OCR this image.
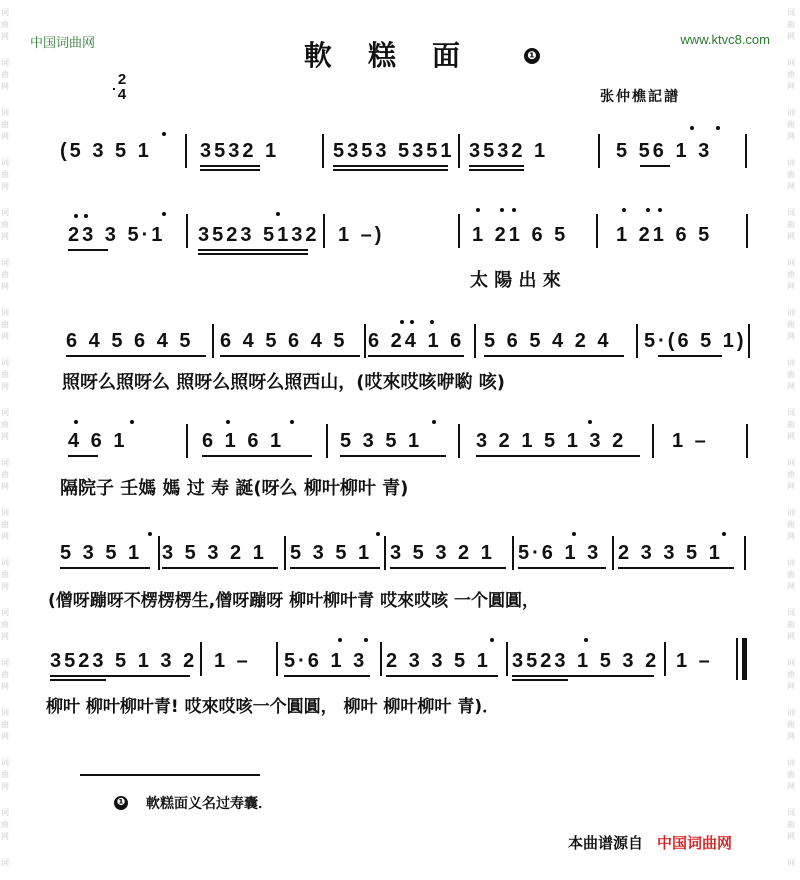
词
曲
网
词
曲
网
词
曲
网
词
曲
网
词
曲
网
词
曲
网
词
曲
网
词
曲
网
词
曲
网
词
曲
网
词
曲
网
词
曲
网
词
曲
网
词
曲
网
词
曲
网
词
曲
网
词
曲
网
词
词
曲
网
词
曲
网
词
曲
网
词
曲
网
词
曲
网
词
曲
网
词
曲
网
词
曲
网
词
曲
网
词
曲
网
词
曲
网
词
曲
网
词
曲
网
词
曲
网
词
曲
网
词
曲
网
词
曲
网
词
中国词曲网	www.ktvc8.com
軟糕面	❶
2
4	张仲樵記譜
(5 3 5 1 3532 1	5353 5351 3532 1	5 56 1 3
23 3 5·1 3523 5132 1 –)	1 21 6 5 1 21 6 5
太 陽 出 來
6 4 5 6 4 5 6 4 5 6 4 5 6 24 1 6 5 6 5 4 2 4 5·(6 5 1)
照呀么照呀么 照呀么照呀么照西山，(哎來哎咳咿喲 咳)
4 6 1	6 1 6 1	5 3 5 1	3 2 1 5 1 3 2 1 –
隔院子 壬媽 媽 过 寿 誕(呀么 柳叶柳叶 青)
5 3 5 1 3 5 3 2 1 5 3 5 1 3 5 3 2 1 5·6 1 3 2 3 3 5 1
(僧呀蹦呀不楞楞楞生,僧呀蹦呀 柳叶柳叶青 哎來哎咳 一个圓圓，
3523 5 1 3 2 1 – 5·6 1 3 2 3 3 5 1 3523 1 5 3 2 1 –
柳叶 柳叶柳叶青! 哎來哎咳一个圓圓， 柳叶 柳叶柳叶 青)．
❶ 軟糕面义名过寿囊．
本曲谱源自 中国词曲网
